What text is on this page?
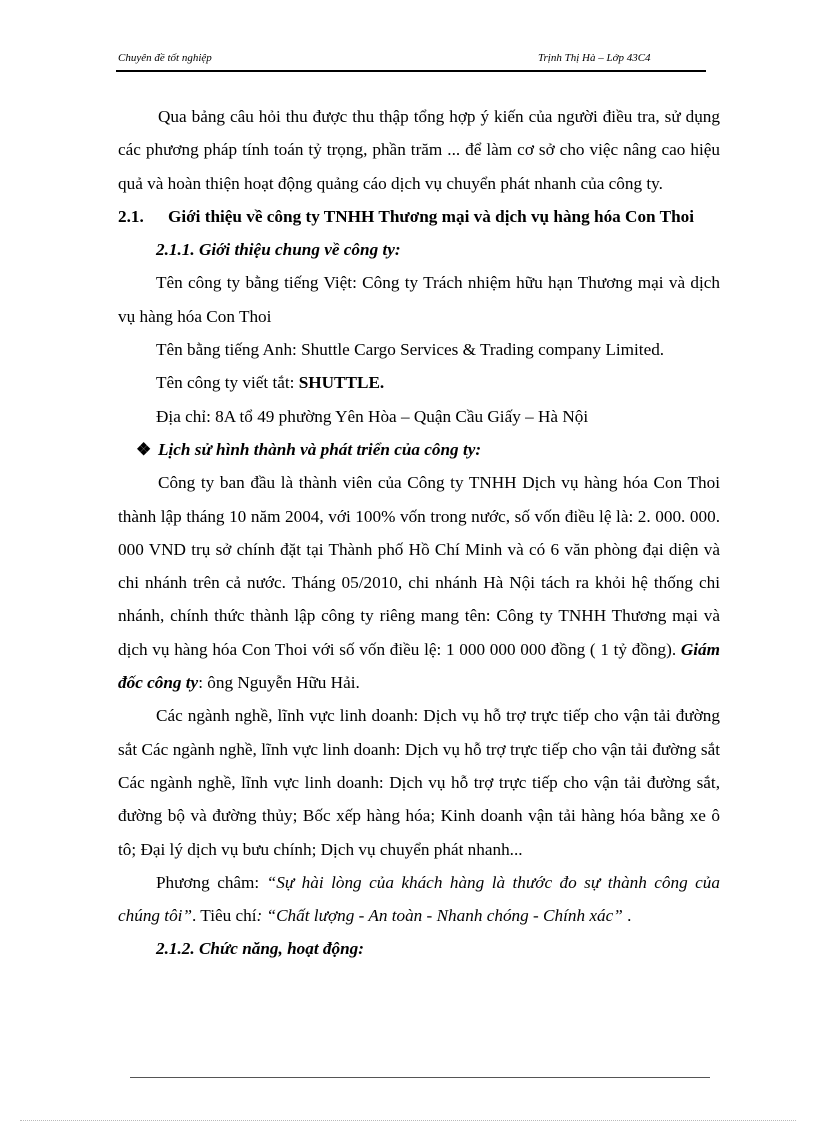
Chuyên đề tốt nghiệp	Trịnh Thị Hà – Lớp 43C4

Qua bảng câu hỏi thu được thu thập tổng hợp ý kiến của người điều tra, sử dụng các phương pháp tính toán tỷ trọng, phần trăm ... để làm cơ sở cho việc nâng cao hiệu quả và hoàn thiện hoạt động quảng cáo dịch vụ chuyển phát nhanh của công ty.

2.1.	Giới thiệu về công ty TNHH Thương mại và dịch vụ hàng hóa Con Thoi

2.1.1. Giới thiệu chung về công ty:

Tên công ty bằng tiếng Việt: Công ty Trách nhiệm hữu hạn Thương mại và dịch vụ hàng hóa Con Thoi

Tên bằng tiếng Anh: Shuttle Cargo Services & Trading company Limited.

Tên công ty viết tắt: SHUTTLE.

Địa chỉ: 8A tổ 49 phường Yên Hòa – Quận Cầu Giấy – Hà Nội

❖ Lịch sử hình thành và phát triển của công ty:

Công ty ban đầu là thành viên của Công ty TNHH Dịch vụ hàng hóa Con Thoi thành lập tháng 10 năm 2004, với 100% vốn trong nước, số vốn điều lệ là: 2. 000. 000. 000 VND trụ sở chính đặt tại Thành phố Hồ Chí Minh và có 6 văn phòng đại diện và chi nhánh trên cả nước. Tháng 05/2010, chi nhánh Hà Nội tách ra khỏi hệ thống chi nhánh, chính thức thành lập công ty riêng mang tên: Công ty TNHH Thương mại và dịch vụ hàng hóa Con Thoi với số vốn điều lệ: 1 000 000 000 đồng ( 1 tỷ đồng). Giám đốc công ty: ông Nguyễn Hữu Hải.

Các ngành nghề, lĩnh vực linh doanh: Dịch vụ hỗ trợ trực tiếp cho vận tải đường sắt Các ngành nghề, lĩnh vực linh doanh: Dịch vụ hỗ trợ trực tiếp cho vận tải đường sắt Các ngành nghề, lĩnh vực linh doanh: Dịch vụ hỗ trợ trực tiếp cho vận tải đường sắt, đường bộ và đường thủy; Bốc xếp hàng hóa; Kinh doanh vận tải hàng hóa bằng xe ô tô; Đại lý dịch vụ bưu chính; Dịch vụ chuyển phát nhanh...

Phương châm: “Sự hài lòng của khách hàng là thước đo sự thành công của chúng tôi”. Tiêu chí: “Chất lượng - An toàn - Nhanh chóng - Chính xác” .

2.1.2. Chức năng, hoạt động:
